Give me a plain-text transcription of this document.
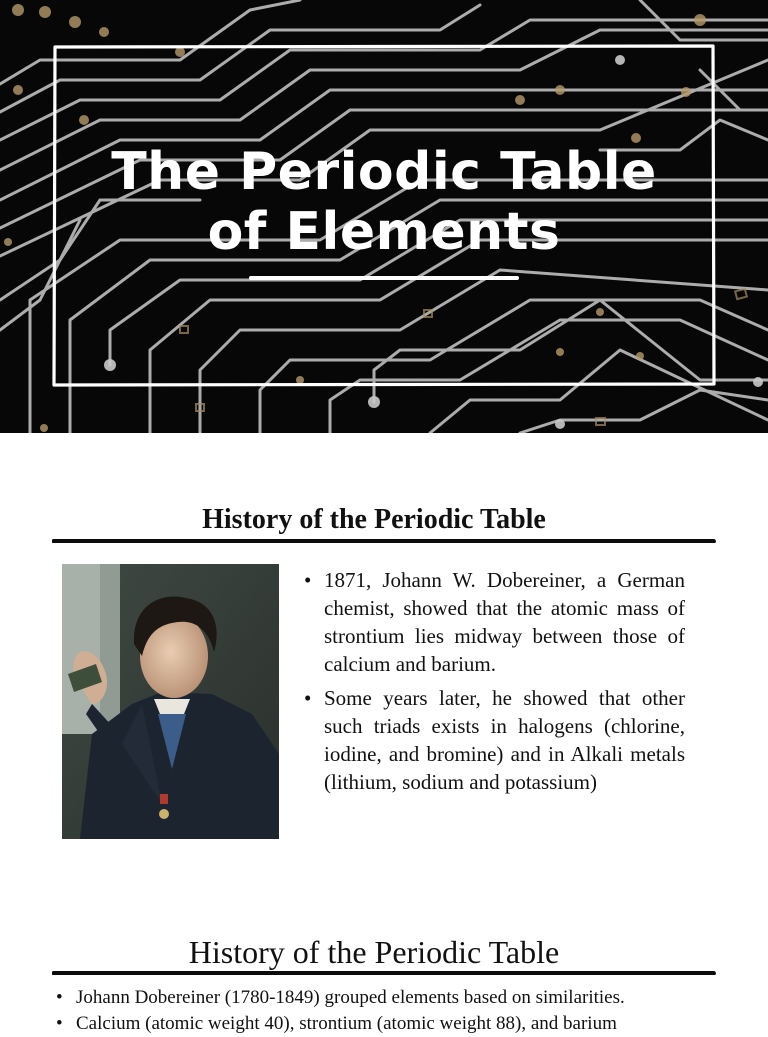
The Periodic Table
of Elements
History of the Periodic Table
• 1871, Johann W. Dobereiner, a German chemist, showed that the atomic mass of strontium lies midway between those of calcium and barium.
• Some years later, he showed that other such triads exists in halogens (chlorine, iodine, and bromine) and in Alkali metals (lithium, sodium and potassium)
History of the Periodic Table
• Johann Dobereiner (1780-1849) grouped elements based on similarities.
• Calcium (atomic weight 40), strontium (atomic weight 88), and barium
